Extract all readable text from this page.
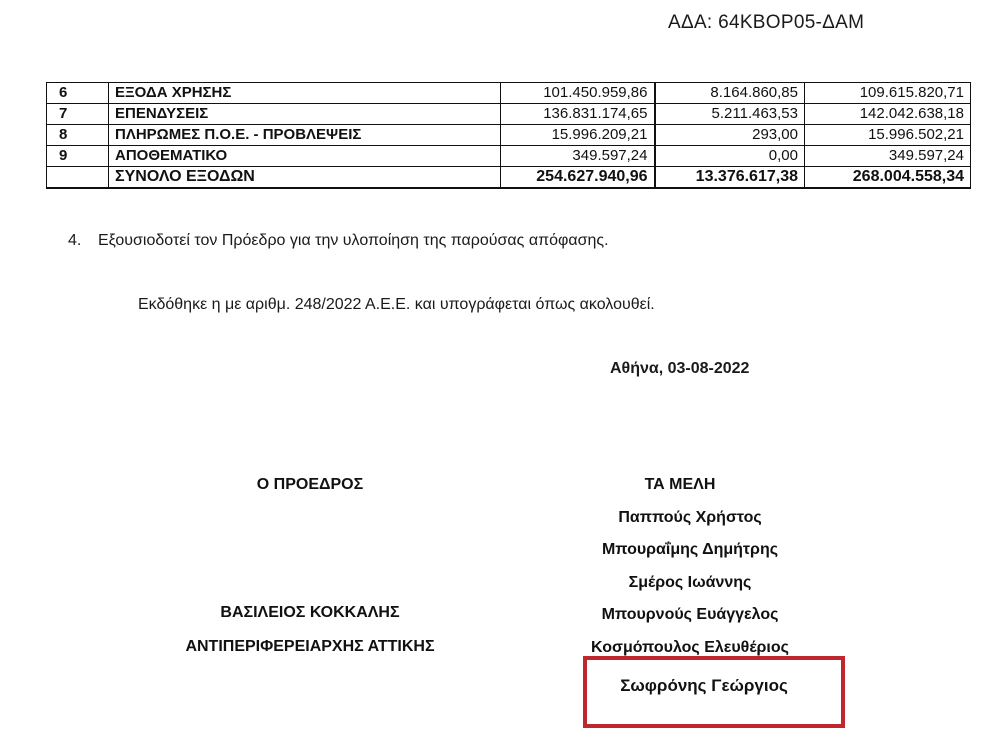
ΑΔΑ: 64ΚΒΟΡ05-ΔΑΜ
6	ΕΞΟΔΑ ΧΡΗΣΗΣ	101.450.959,86	8.164.860,85	109.615.820,71
7	ΕΠΕΝΔΥΣΕΙΣ	136.831.174,65	5.211.463,53	142.042.638,18
8	ΠΛΗΡΩΜΕΣ Π.Ο.Ε. - ΠΡΟΒΛΕΨΕΙΣ	15.996.209,21	293,00	15.996.502,21
9	ΑΠΟΘΕΜΑΤΙΚΟ	349.597,24	0,00	349.597,24
	ΣΥΝΟΛΟ ΕΞΟΔΩΝ	254.627.940,96	13.376.617,38	268.004.558,34
4. Εξουσιοδοτεί τον Πρόεδρο για την υλοποίηση της παρούσας απόφασης.
Εκδόθηκε η με αριθμ. 248/2022 Α.Ε.Ε. και υπογράφεται όπως ακολουθεί.
Αθήνα, 03-08-2022
Ο ΠΡΟΕΔΡΟΣ	ΤΑ ΜΕΛΗ
Παππούς Χρήστος
Μπουραΐμης Δημήτρης
Σμέρος Ιωάννης
Μπουρνούς Ευάγγελος
Κοσμόπουλος Ελευθέριος
Σωφρόνης Γεώργιος
ΒΑΣΙΛΕΙΟΣ ΚΟΚΚΑΛΗΣ
ΑΝΤΙΠΕΡΙΦΕΡΕΙΑΡΧΗΣ ΑΤΤΙΚΗΣ
